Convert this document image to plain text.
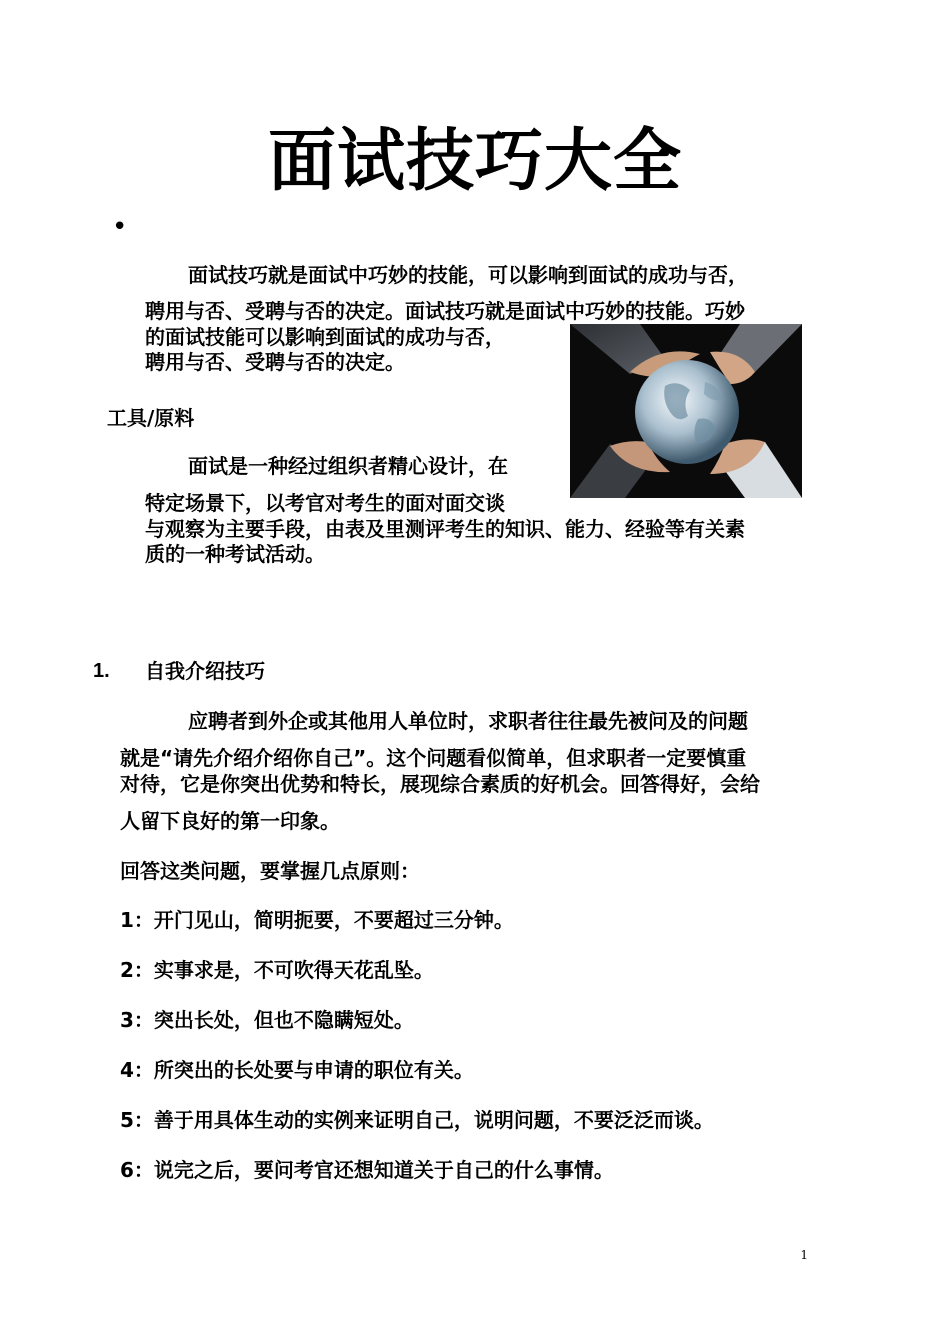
面试技巧大全
•
面试技巧就是面试中巧妙的技能，可以影响到面试的成功与否，
聘用与否、受聘与否的决定。面试技巧就是面试中巧妙的技能。巧妙
的面试技能可以影响到面试的成功与否，
聘用与否、受聘与否的决定。
工具/原料
面试是一种经过组织者精心设计，在
特定场景下，以考官对考生的面对面交谈
与观察为主要手段，由表及里测评考生的知识、能力、经验等有关素
质的一种考试活动。
1. 自我介绍技巧
应聘者到外企或其他用人单位时，求职者往往最先被问及的问题
就是“请先介绍介绍你自己”。这个问题看似简单，但求职者一定要慎重
对待，它是你突出优势和特长，展现综合素质的好机会。回答得好，会给
人留下良好的第一印象。
回答这类问题，要掌握几点原则：
1：开门见山，简明扼要，不要超过三分钟。
2：实事求是，不可吹得天花乱坠。
3：突出长处，但也不隐瞒短处。
4：所突出的长处要与申请的职位有关。
5：善于用具体生动的实例来证明自己，说明问题，不要泛泛而谈。
6：说完之后，要问考官还想知道关于自己的什么事情。
1
